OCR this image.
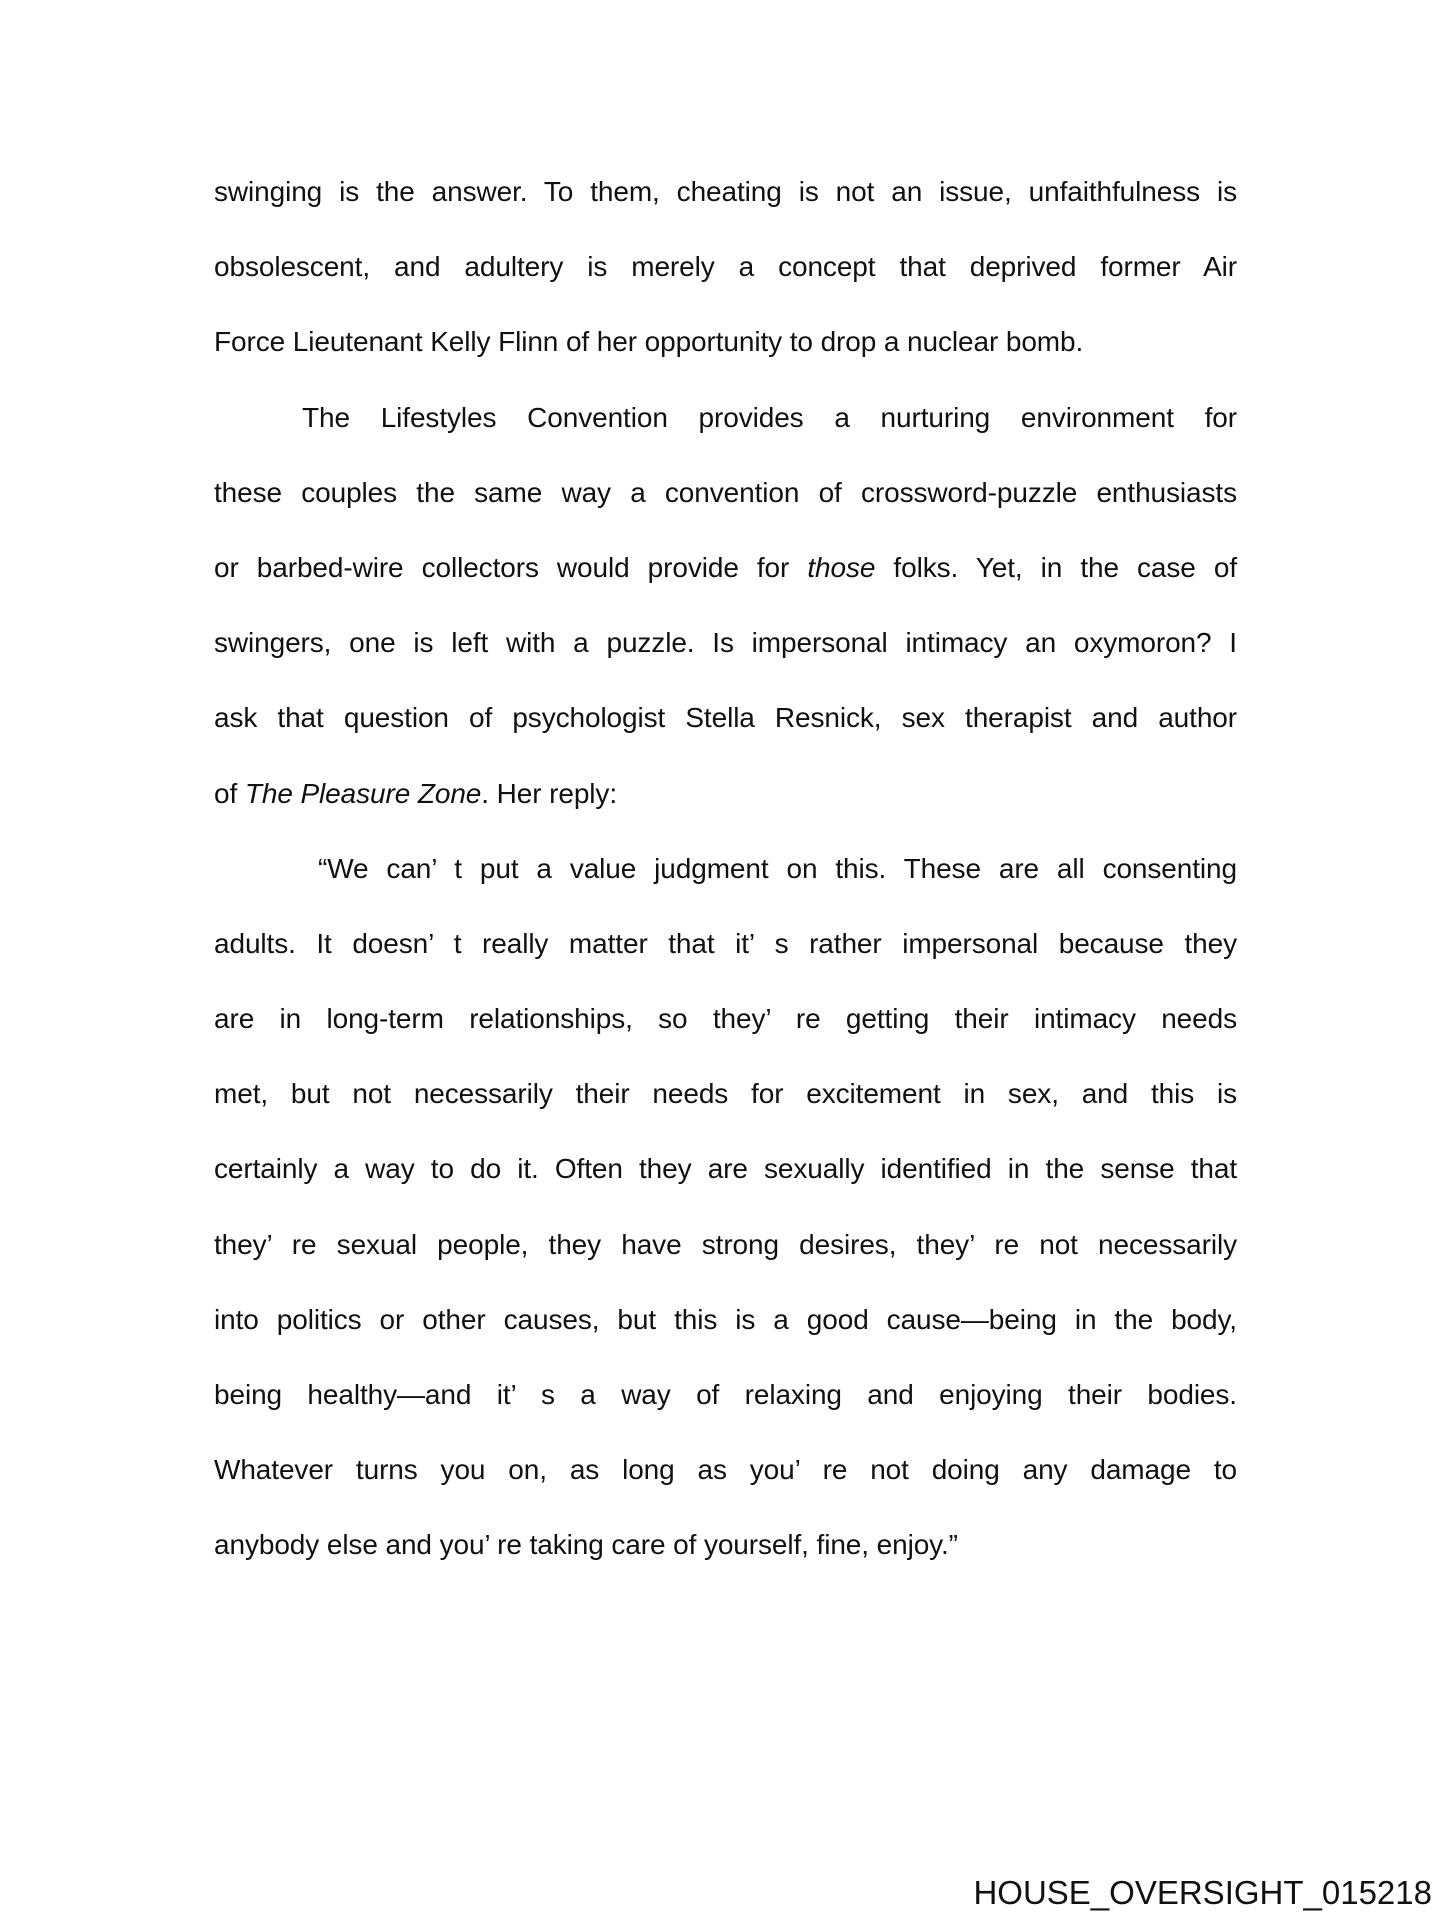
swinging is the answer. To them, cheating is not an issue, unfaithfulness is
obsolescent, and adultery is merely a concept that deprived former Air
Force Lieutenant Kelly Flinn of her opportunity to drop a nuclear bomb.
The Lifestyles Convention provides a nurturing environment for
these couples the same way a convention of crossword-puzzle enthusiasts
or barbed-wire collectors would provide for those folks. Yet, in the case of
swingers, one is left with a puzzle. Is impersonal intimacy an oxymoron? I
ask that question of psychologist Stella Resnick, sex therapist and author
of The Pleasure Zone. Her reply:
“We can’ t put a value judgment on this. These are all consenting
adults. It doesn’ t really matter that it’ s rather impersonal because they
are in long-term relationships, so they’ re getting their intimacy needs
met, but not necessarily their needs for excitement in sex, and this is
certainly a way to do it. Often they are sexually identified in the sense that
they’ re sexual people, they have strong desires, they’ re not necessarily
into politics or other causes, but this is a good cause—being in the body,
being healthy—and it’ s a way of relaxing and enjoying their bodies.
Whatever turns you on, as long as you’ re not doing any damage to
anybody else and you’ re taking care of yourself, fine, enjoy.”
HOUSE_OVERSIGHT_015218
